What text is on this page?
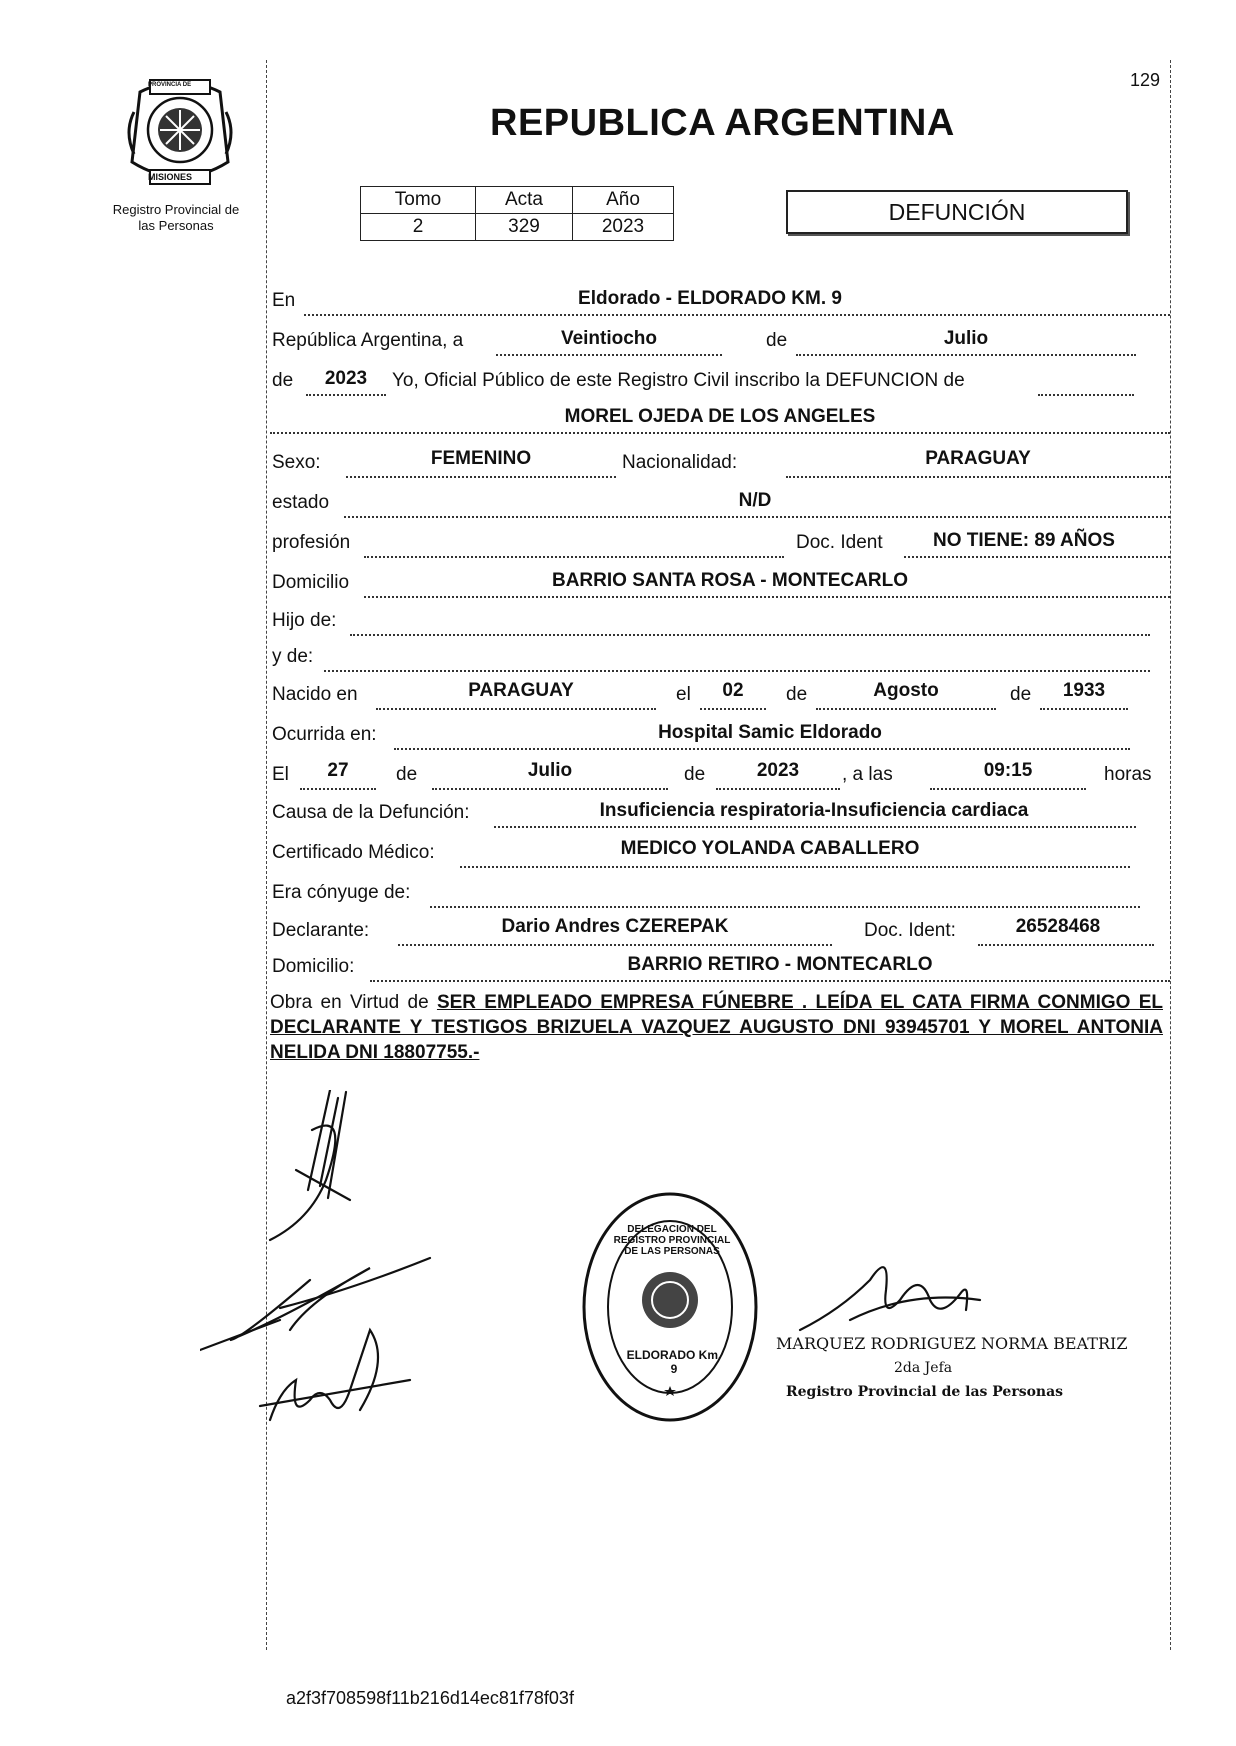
129
PROVINCIA DE
MISIONES
Registro Provincial de
las Personas
REPUBLICA ARGENTINA
Tomo	Acta	Año
2	329	2023
DEFUNCIÓN
En	Eldorado - ELDORADO KM. 9
República Argentina, a	Veintiocho	de	Julio
de	2023	Yo, Oficial Público de este Registro Civil inscribo la DEFUNCION de
MOREL OJEDA DE LOS ANGELES
Sexo:	FEMENINO	Nacionalidad:	PARAGUAY
estado	N/D
profesión	Doc. Ident	NO TIENE: 89 AÑOS
Domicilio	BARRIO SANTA ROSA - MONTECARLO
Hijo de:
y de:
Nacido en	PARAGUAY	el	02	de	Agosto	de	1933
Ocurrida en:	Hospital Samic Eldorado
El	27	de	Julio	de	2023	, a las	09:15	horas
Causa de la Defunción:	Insuficiencia respiratoria-Insuficiencia cardiaca
Certificado Médico:	MEDICO YOLANDA CABALLERO
Era cónyuge de:
Declarante:	Dario Andres CZEREPAK	Doc. Ident:	26528468
Domicilio:	BARRIO RETIRO - MONTECARLO
Obra en Virtud de SER EMPLEADO EMPRESA FÚNEBRE . LEÍDA EL CATA FIRMA CONMIGO EL DECLARANTE Y TESTIGOS BRIZUELA VAZQUEZ AUGUSTO DNI 93945701 Y MOREL ANTONIA NELIDA DNI 18807755.-
DELEGACION DEL REGISTRO PROVINCIAL DE LAS PERSONAS
ELDORADO Km. 9
MARQUEZ RODRIGUEZ NORMA BEATRIZ
2da Jefa
Registro Provincial de las Personas
a2f3f708598f11b216d14ec81f78f03f
